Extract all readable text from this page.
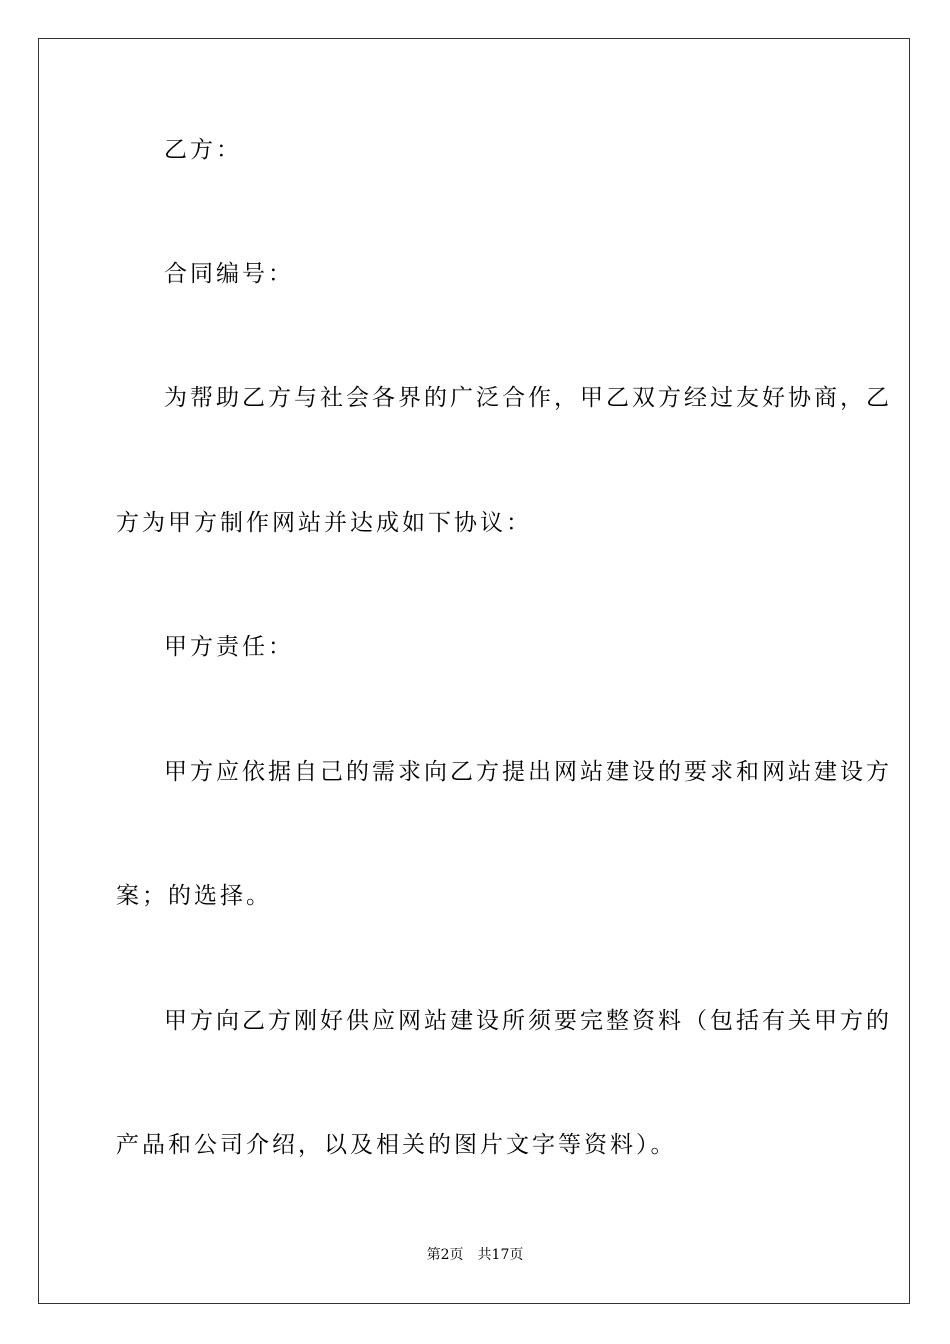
乙方：
合同编号：
为帮助乙方与社会各界的广泛合作，甲乙双方经过友好协商，乙
方为甲方制作网站并达成如下协议：
甲方责任：
甲方应依据自己的需求向乙方提出网站建设的要求和网站建设方
案；的选择。
甲方向乙方刚好供应网站建设所须要完整资料（包括有关甲方的
产品和公司介绍，以及相关的图片文字等资料）。
第2页 共17页
